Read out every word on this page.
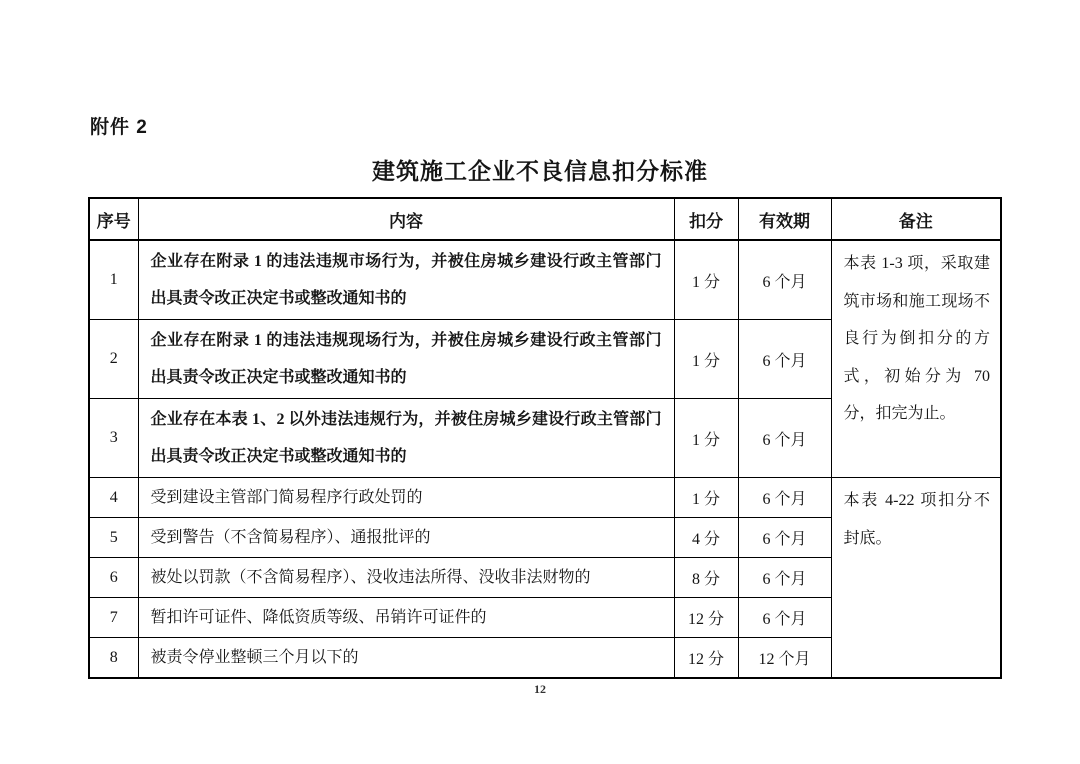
附件 2
建筑施工企业不良信息扣分标准
序号	内容	扣分	有效期	备注
1	企业存在附录 1 的违法违规市场行为，并被住房城乡建设行政主管部门出具责令改正决定书或整改通知书的	1 分	6 个月	本表 1-3 项，采取建筑市场和施工现场不良行为倒扣分的方式，初始分为 70 分，扣完为止。
2	企业存在附录 1 的违法违规现场行为，并被住房城乡建设行政主管部门出具责令改正决定书或整改通知书的	1 分	6 个月	
3	企业存在本表 1、2 以外违法违规行为，并被住房城乡建设行政主管部门出具责令改正决定书或整改通知书的	1 分	6 个月	
4	受到建设主管部门简易程序行政处罚的	1 分	6 个月	本表 4-22 项扣分不封底。
5	受到警告（不含简易程序）、通报批评的	4 分	6 个月	
6	被处以罚款（不含简易程序）、没收违法所得、没收非法财物的	8 分	6 个月	
7	暂扣许可证件、降低资质等级、吊销许可证件的	12 分	6 个月	
8	被责令停业整顿三个月以下的	12 分	12 个月	
12
